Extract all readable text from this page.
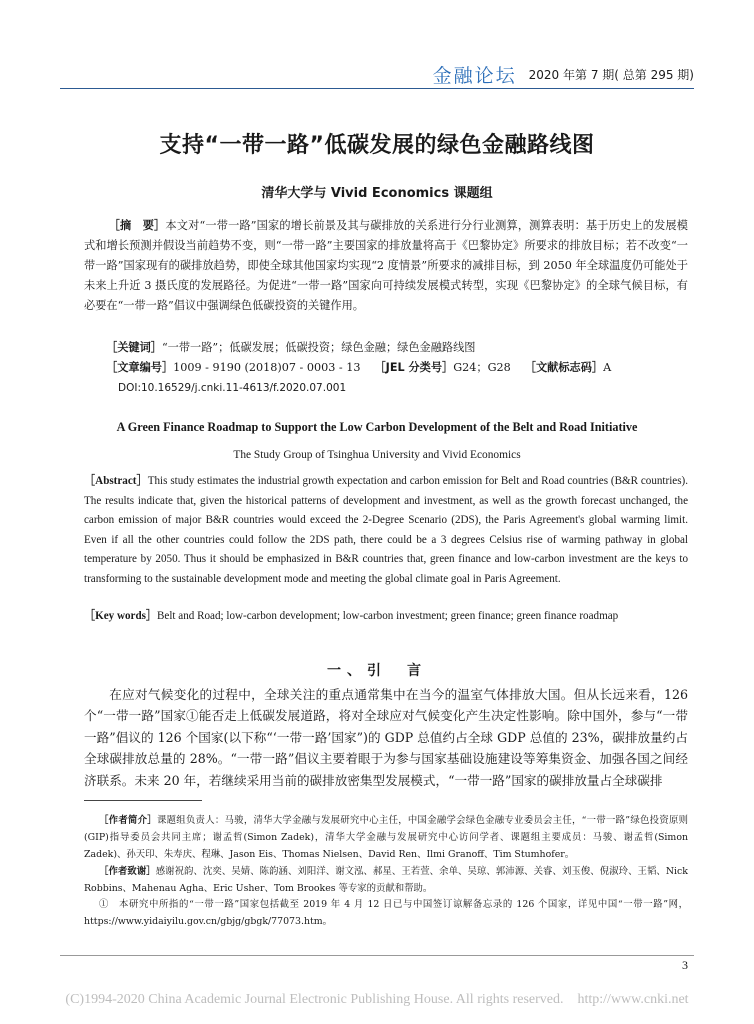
金融论坛 2020 年第 7 期( 总第 295 期)
支持“一带一路”低碳发展的绿色金融路线图
清华大学与 Vivid Economics 课题组
［摘　要］本文对“一带一路”国家的增长前景及其与碳排放的关系进行分行业测算，测算表明：基于历史上的发展模式和增长预测并假设当前趋势不变，则“一带一路”主要国家的排放量将高于《巴黎协定》所要求的排放目标；若不改变“一带一路”国家现有的碳排放趋势，即使全球其他国家均实现“2 度情景”所要求的减排目标，到 2050 年全球温度仍可能处于未来上升近 3 摄氏度的发展路径。为促进“一带一路”国家向可持续发展模式转型，实现《巴黎协定》的全球气候目标，有必要在“一带一路”倡议中强调绿色低碳投资的关键作用。
［关键词］“一带一路”；低碳发展；低碳投资；绿色金融；绿色金融路线图
［文章编号］1009 - 9190 (2018)07 - 0003 - 13 ［JEL 分类号］G24；G28 ［文献标志码］A
DOI:10.16529/j.cnki.11-4613/f.2020.07.001
A Green Finance Roadmap to Support the Low Carbon Development of the Belt and Road Initiative
The Study Group of Tsinghua University and Vivid Economics
［Abstract］This study estimates the industrial growth expectation and carbon emission for Belt and Road countries (B&R countries). The results indicate that, given the historical patterns of development and investment, as well as the growth forecast unchanged, the carbon emission of major B&R countries would exceed the 2-Degree Scenario (2DS), the Paris Agreement's global warming limit. Even if all the other countries could follow the 2DS path, there could be a 3 degrees Celsius rise of warming pathway in global temperature by 2050. Thus it should be emphasized in B&R countries that, green finance and low-carbon investment are the keys to transforming to the sustainable development mode and meeting the global climate goal in Paris Agreement.
［Key words］Belt and Road; low-carbon development; low-carbon investment; green finance; green finance roadmap
一、引　言
在应对气候变化的过程中，全球关注的重点通常集中在当今的温室气体排放大国。但从长远来看，126 个“一带一路”国家①能否走上低碳发展道路，将对全球应对气候变化产生决定性影响。除中国外，参与“一带一路”倡议的 126 个国家(以下称“‘一带一路’国家”)的 GDP 总值约占全球 GDP 总值的 23%，碳排放量约占全球碳排放总量的 28%。“一带一路”倡议主要着眼于为参与国家基础设施建设等筹集资金、加强各国之间经济联系。未来 20 年，若继续采用当前的碳排放密集型发展模式，“一带一路”国家的碳排放量占全球碳排
［作者简介］课题组负责人：马骏，清华大学金融与发展研究中心主任，中国金融学会绿色金融专业委员会主任，“一带一路”绿色投资原则(GIP)指导委员会共同主席；谢孟哲(Simon Zadek)，清华大学金融与发展研究中心访问学者、课题组主要成员：马骏、谢孟哲(Simon Zadek)、孙天印、朱寿庆、程琳、Jason Eis、Thomas Nielsen、David Ren、Ilmi Granoff、Tim Stumhofer。
［作者致谢］感谢祝韵、沈奕、吴婧、陈韵涵、刘阳洋、谢文泓、郝星、王若萱、余单、吴琼、郭沛源、关睿、刘玉俊、倪淑玲、王韬、Nick Robbins、Mahenau Agha、Eric Usher、Tom Brookes 等专家的贡献和帮助。
①　本研究中所指的“一带一路”国家包括截至 2019 年 4 月 12 日已与中国签订谅解备忘录的 126 个国家，详见中国“一带一路”网，https://www.yidaiyilu.gov.cn/gbjg/gbgk/77073.htm。
3
(C)1994-2020 China Academic Journal Electronic Publishing House. All rights reserved.　http://www.cnki.net
